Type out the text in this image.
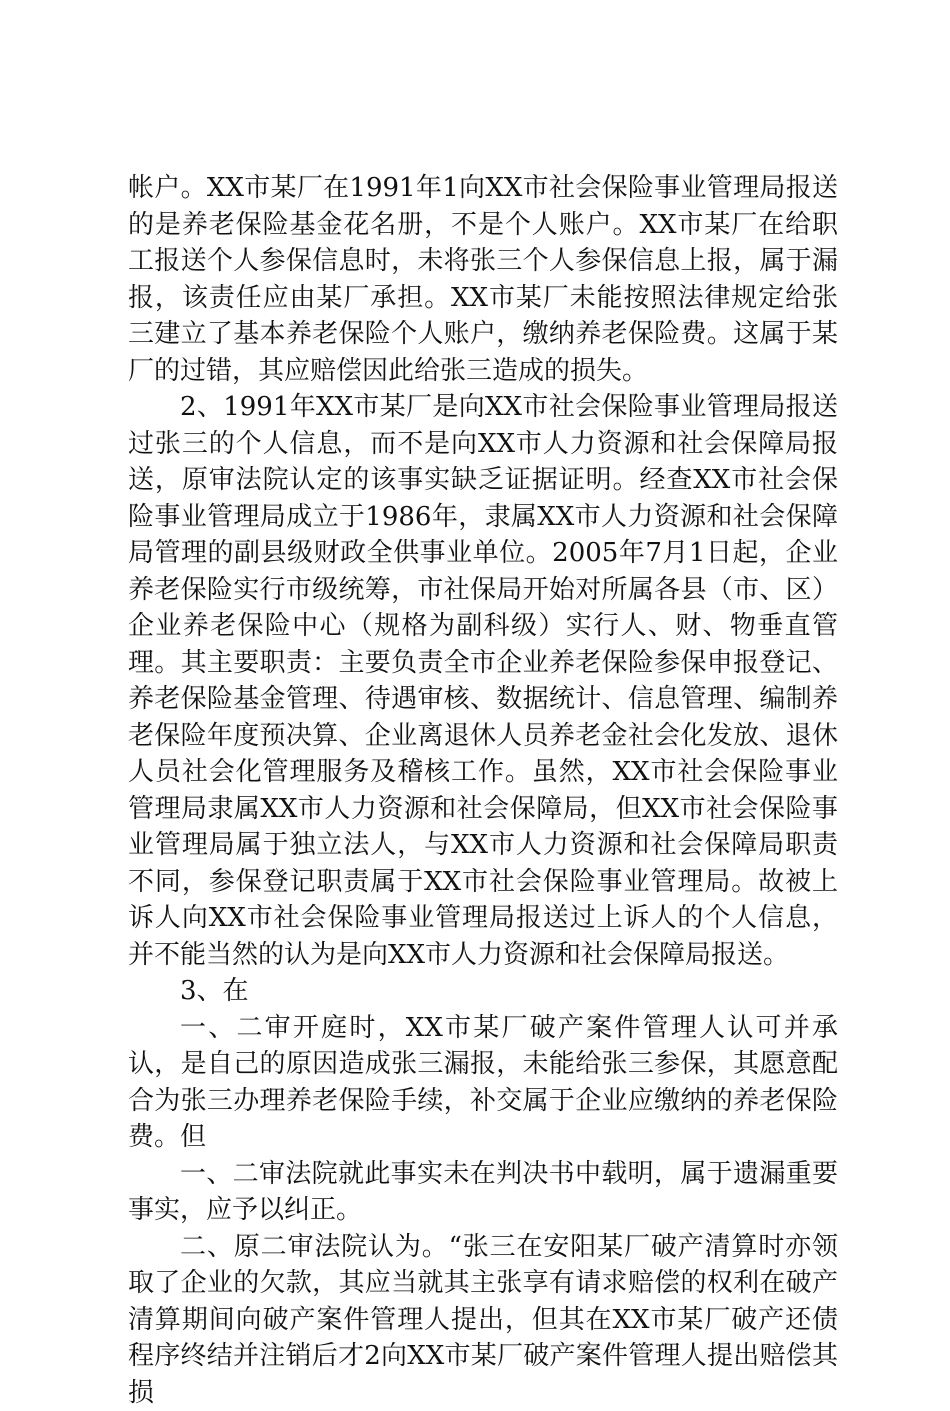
帐户。XX市某厂在1991年1向XX市社会保险事业管理局报送的是养老保险基金花名册，不是个人账户。XX市某厂在给职工报送个人参保信息时，未将张三个人参保信息上报，属于漏报，该责任应由某厂承担。XX市某厂未能按照法律规定给张三建立了基本养老保险个人账户，缴纳养老保险费。这属于某厂的过错，其应赔偿因此给张三造成的损失。

2、1991年XX市某厂是向XX市社会保险事业管理局报送过张三的个人信息，而不是向XX市人力资源和社会保障局报送，原审法院认定的该事实缺乏证据证明。经查XX市社会保险事业管理局成立于1986年，隶属XX市人力资源和社会保障局管理的副县级财政全供事业单位。2005年7月1日起，企业养老保险实行市级统筹，市社保局开始对所属各县（市、区）企业养老保险中心（规格为副科级）实行人、财、物垂直管理。其主要职责：主要负责全市企业养老保险参保申报登记、养老保险基金管理、待遇审核、数据统计、信息管理、编制养老保险年度预决算、企业离退休人员养老金社会化发放、退休人员社会化管理服务及稽核工作。虽然，XX市社会保险事业管理局隶属XX市人力资源和社会保障局，但XX市社会保险事业管理局属于独立法人，与XX市人力资源和社会保障局职责不同，参保登记职责属于XX市社会保险事业管理局。故被上诉人向XX市社会保险事业管理局报送过上诉人的个人信息，并不能当然的认为是向XX市人力资源和社会保障局报送。

3、在

一、二审开庭时，XX市某厂破产案件管理人认可并承认，是自己的原因造成张三漏报，未能给张三参保，其愿意配合为张三办理养老保险手续，补交属于企业应缴纳的养老保险费。但

一、二审法院就此事实未在判决书中载明，属于遗漏重要事实，应予以纠正。

二、原二审法院认为。“张三在安阳某厂破产清算时亦领取了企业的欠款，其应当就其主张享有请求赔偿的权利在破产清算期间向破产案件管理人提出，但其在XX市某厂破产还债程序终结并注销后才2向XX市某厂破产案件管理人提出赔偿其损
